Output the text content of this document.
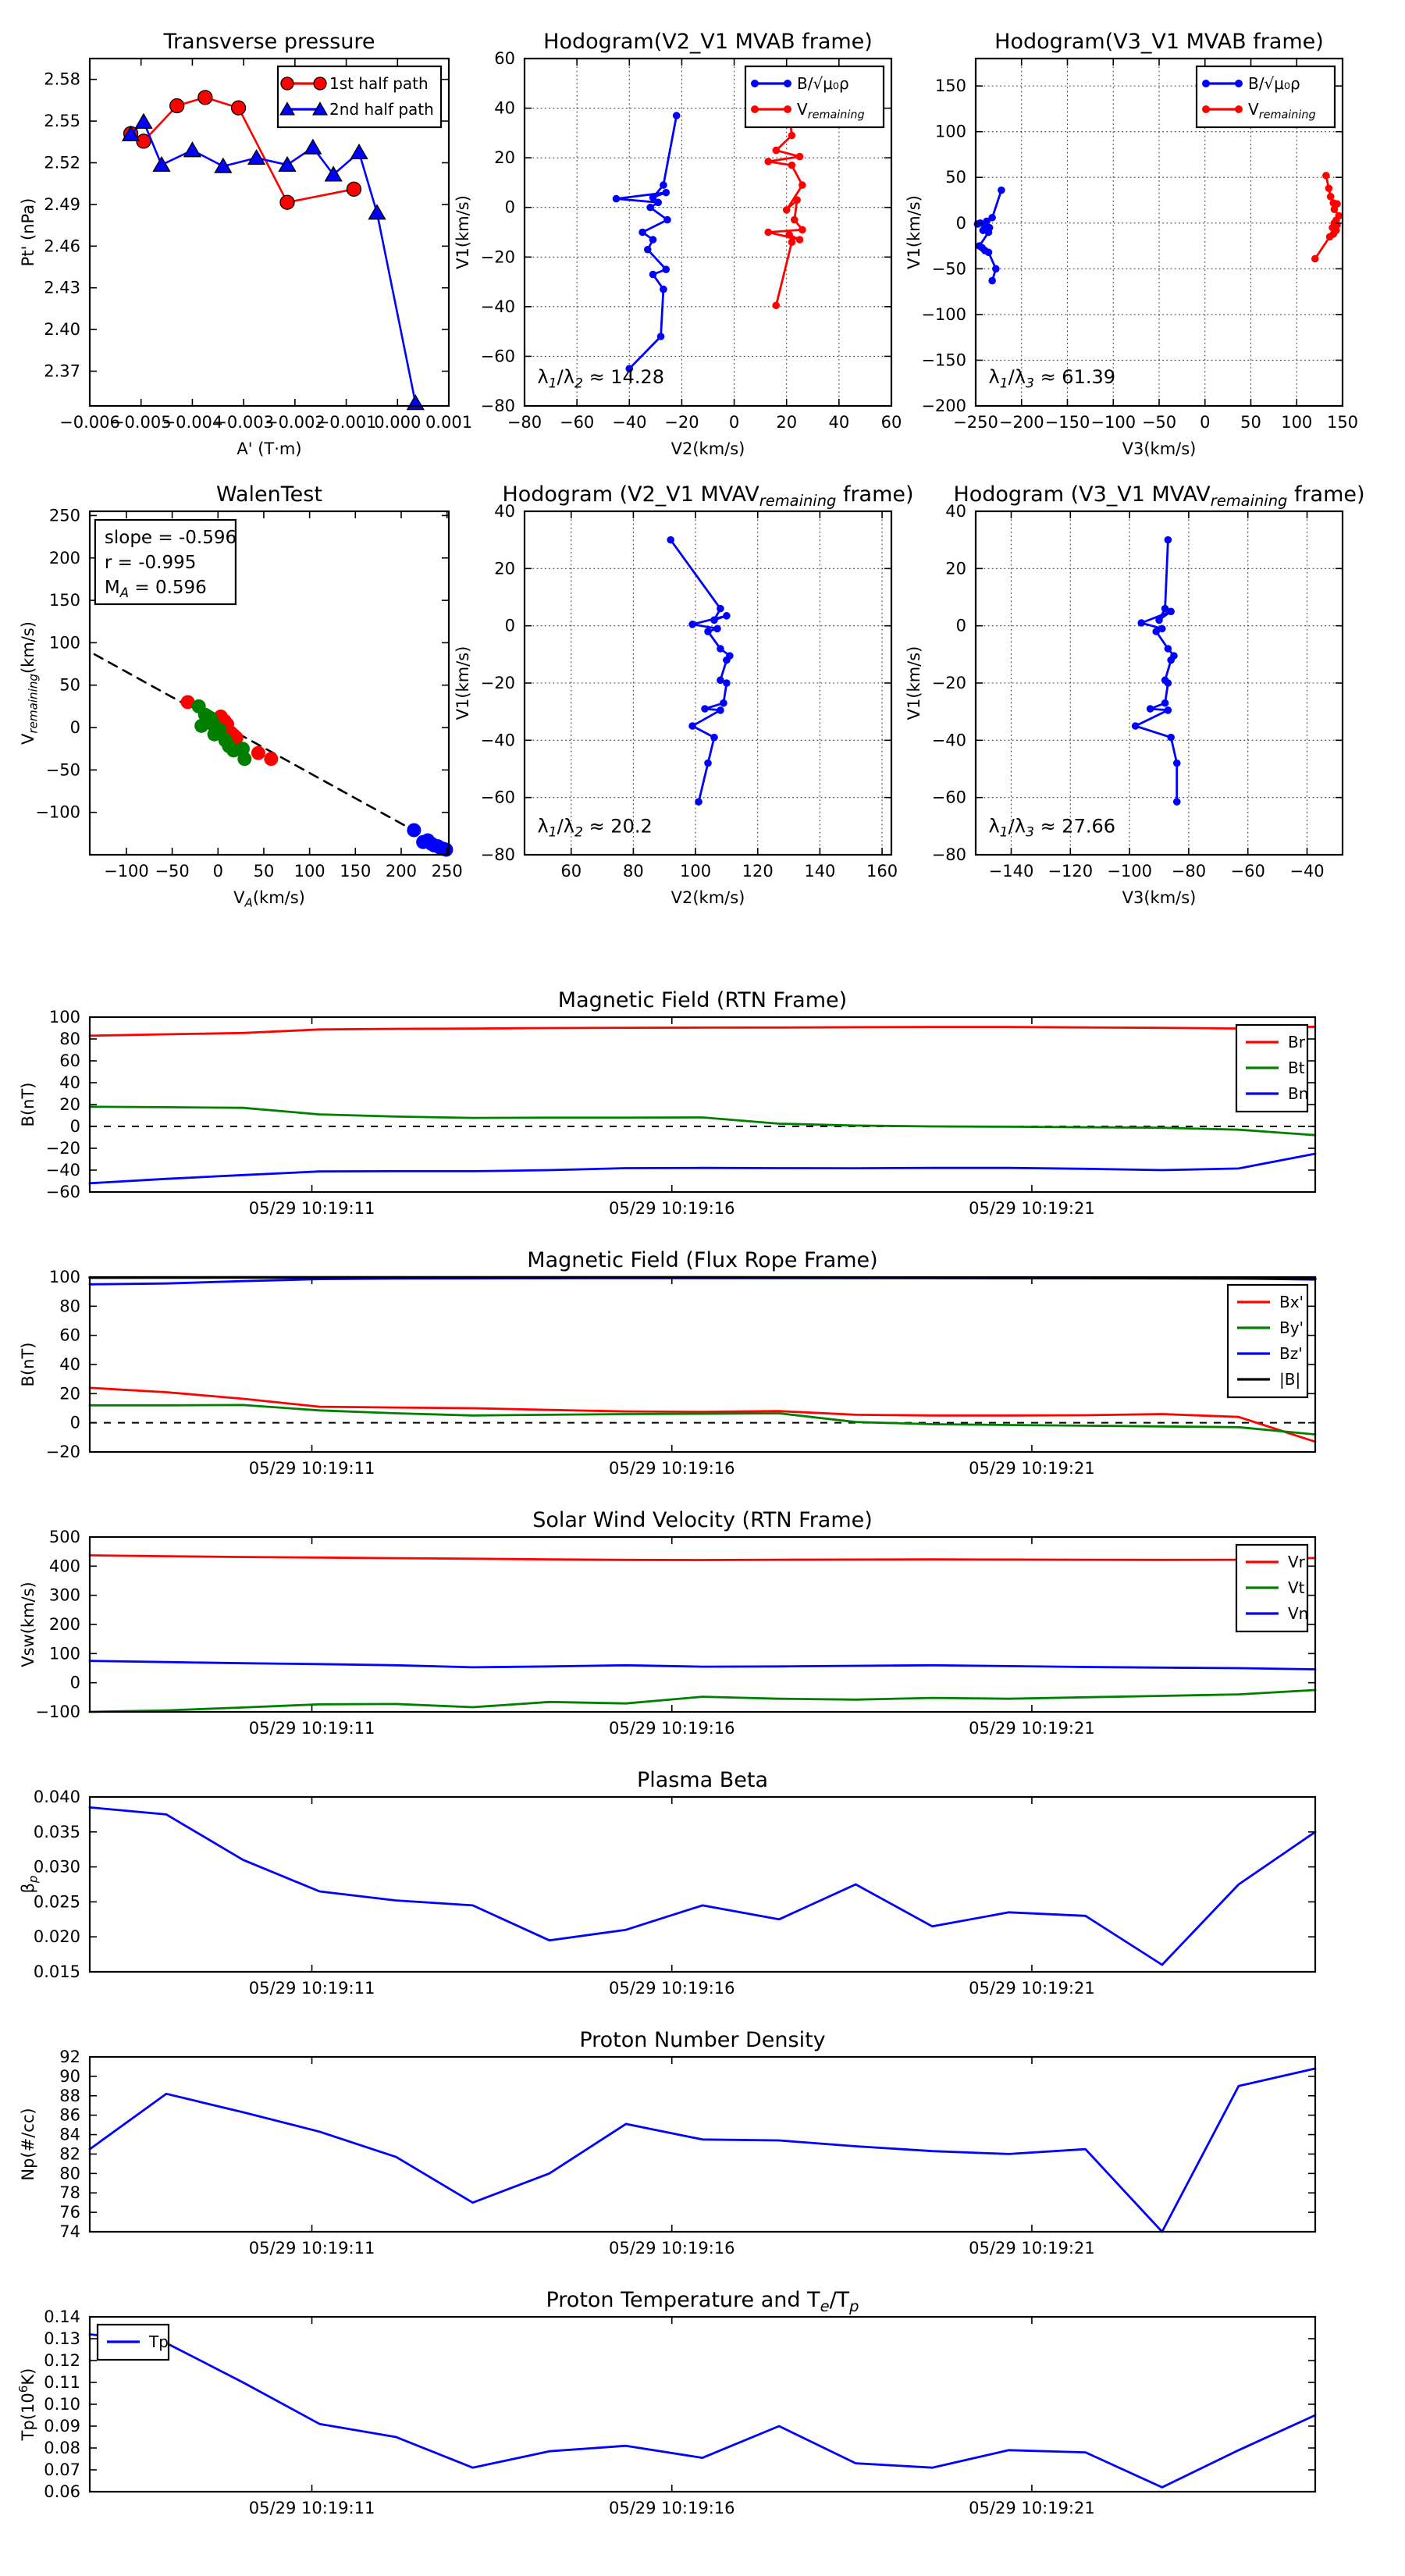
−0.006
−0.005
−0.004
−0.003
−0.002
−0.001
0.000 0.001
2.37
2.40
2.43
2.46
2.49
2.52
2.55
2.58
Transverse pressure
A' (T·m)
Pt' (nPa)
1st half path
2nd half path
−80 −60 −40 −20 0 20 40 60
−80
−60
−40
−20
0
20
40
60
Hodogram(V2_V1 MVAB frame)
V2(km/s)
V1(km/s)
λ1/λ2 ≈ 14.28
B/√μ₀ρ
Vremaining
−250 −200 −150 −100 −50 0 50 100 150
−200
−150
−100
−50
0
50
100
150
Hodogram(V3_V1 MVAB frame)
V3(km/s)
V1(km/s)
λ1/λ3 ≈ 61.39
B/√μ₀ρ
Vremaining
−100 −50 0 50 100 150 200 250
−100
−50
0
50
100
150
200
250
WalenTest
VA(km/s)
Vremaining(km/s)
slope = -0.596
r = -0.995
MA = 0.596
60	80 100 120 140 160
−80
−60
−40
−20
0
20
40
Hodogram (V2_V1 MVAVremaining frame)
V2(km/s)
V1(km/s)
λ1/λ2 ≈ 20.2
−140 −120 −100 −80 −60 −40
−80
−60
−40
−20
0
20
40
Hodogram (V3_V1 MVAVremaining frame)
V3(km/s)
V1(km/s)
λ1/λ3 ≈ 27.66
05/29 10:19:11	05/29 10:19:16	05/29 10:19:21
−60
−40
−20
0
20
40
60
80
100
Magnetic Field (RTN Frame)
B(nT)
Br
Bt
Bn
05/29 10:19:11	05/29 10:19:16	05/29 10:19:21
−20
0
20
40
60
80
100
Magnetic Field (Flux Rope Frame)
B(nT)
Bx'
By'
Bz'
|B|
05/29 10:19:11	05/29 10:19:16	05/29 10:19:21
−100
0
100
200
300
400
500
Solar Wind Velocity (RTN Frame)
Vsw(km/s)
Vr
Vt
Vn
05/29 10:19:11	05/29 10:19:16	05/29 10:19:21
0.015
0.020
0.025
0.030
0.035
0.040
Plasma Beta
βp
05/29 10:19:11	05/29 10:19:16	05/29 10:19:21
74
76
78
80
82
84
86
88
90
92
Proton Number Density
Np(#/cc)
05/29 10:19:11	05/29 10:19:16	05/29 10:19:21
0.06
0.07
0.08
0.09
0.10
0.11
0.12
0.13
0.14
Proton Temperature and Te/Tp
Tp(106K)
Tp
